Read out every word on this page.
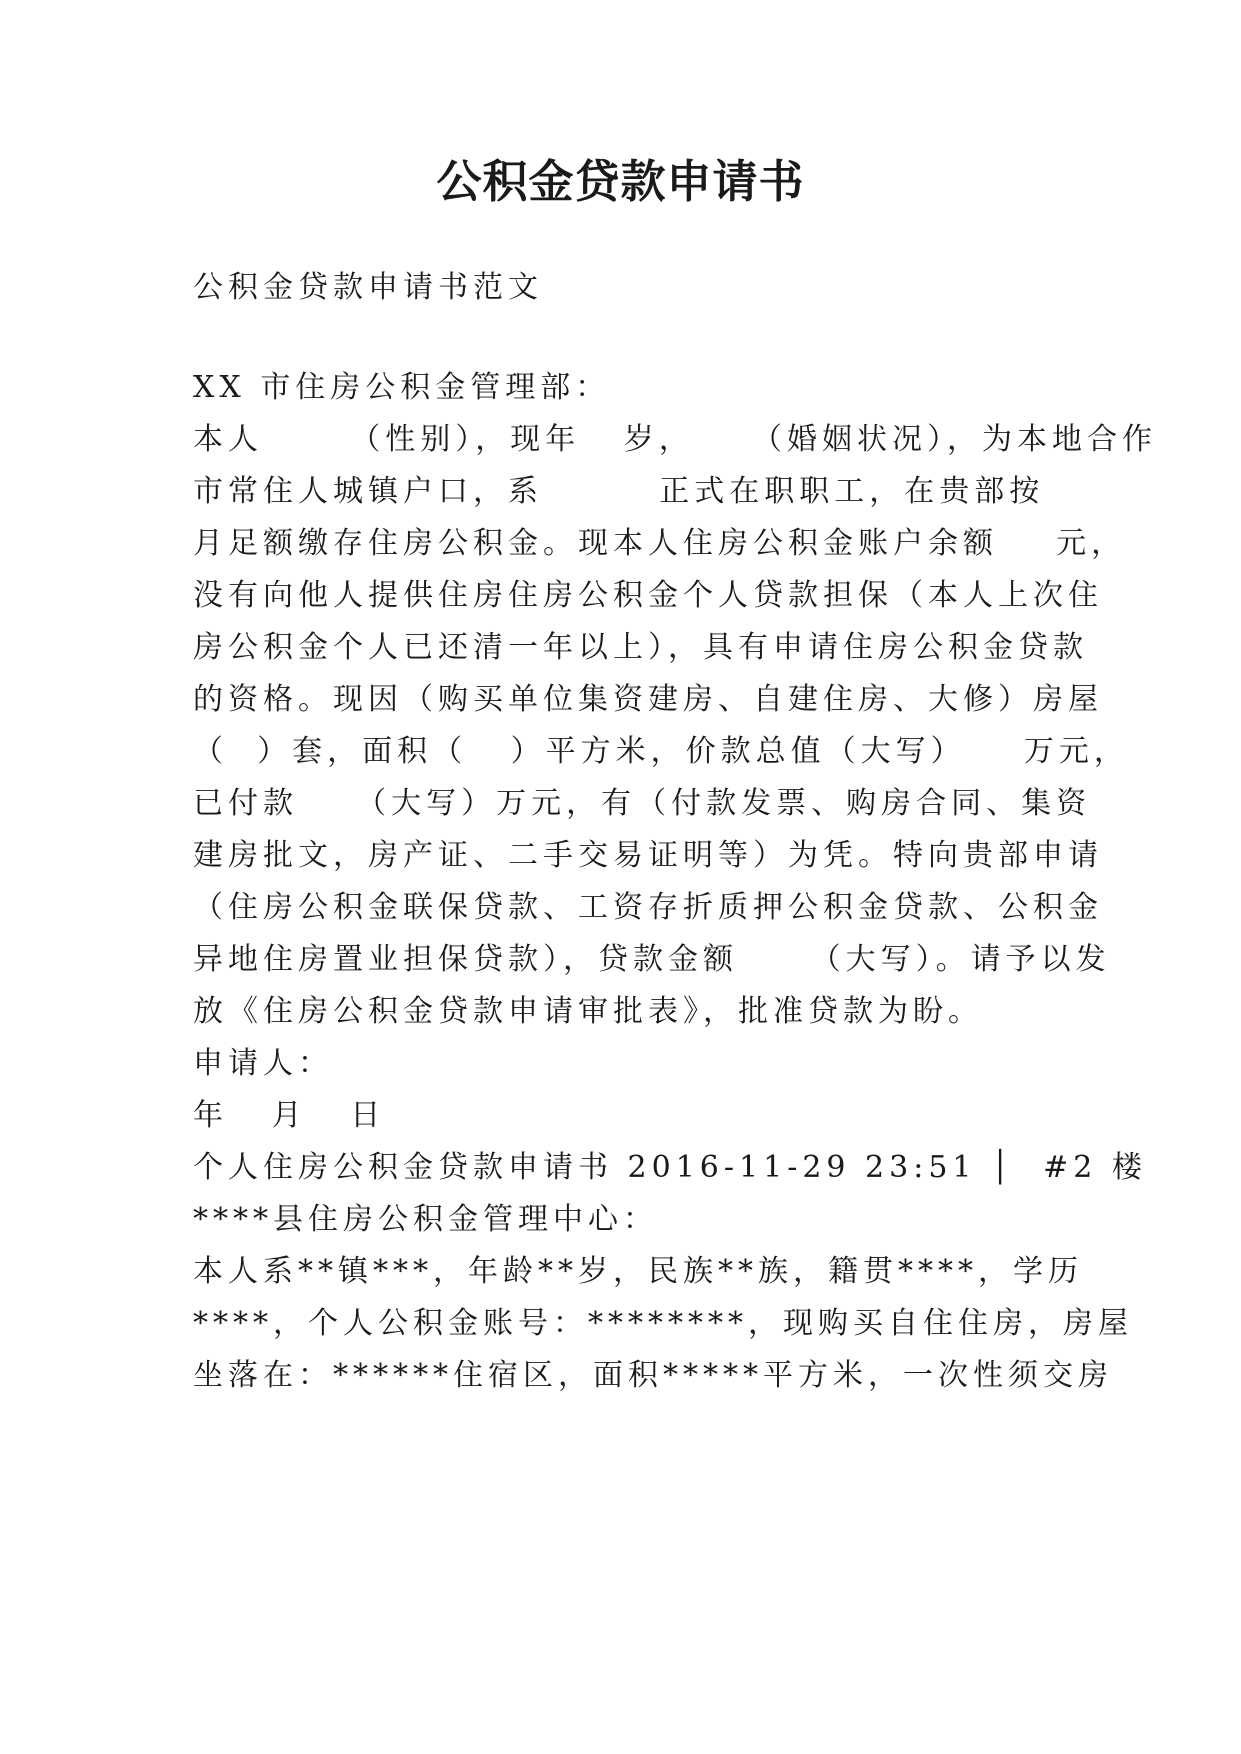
公积金贷款申请书
公积金贷款申请书范文
XX 市住房公积金管理部：
本人      （性别），现年   岁，    （婚姻状况），为本地合作
市常住人城镇户口，系        正式在职职工，在贵部按
月足额缴存住房公积金。现本人住房公积金账户余额    元，
没有向他人提供住房住房公积金个人贷款担保（本人上次住
房公积金个人已还清一年以上），具有申请住房公积金贷款
的资格。现因（购买单位集资建房、自建住房、大修）房屋
（  ）套，面积（   ）平方米，价款总值（大写）    万元，
已付款    （大写）万元，有（付款发票、购房合同、集资
建房批文，房产证、二手交易证明等）为凭。特向贵部申请
（住房公积金联保贷款、工资存折质押公积金贷款、公积金
异地住房置业担保贷款），贷款金额     （大写）。请予以发
放《住房公积金贷款申请审批表》，批准贷款为盼。
申请人：
年   月   日
个人住房公积金贷款申请书 2016-11-29 23:51 │  #2 楼
****县住房公积金管理中心：
本人系**镇***，年龄**岁，民族**族，籍贯****，学历
****，个人公积金账号：********，现购买自住住房，房屋
坐落在：******住宿区，面积*****平方米，一次性须交房
